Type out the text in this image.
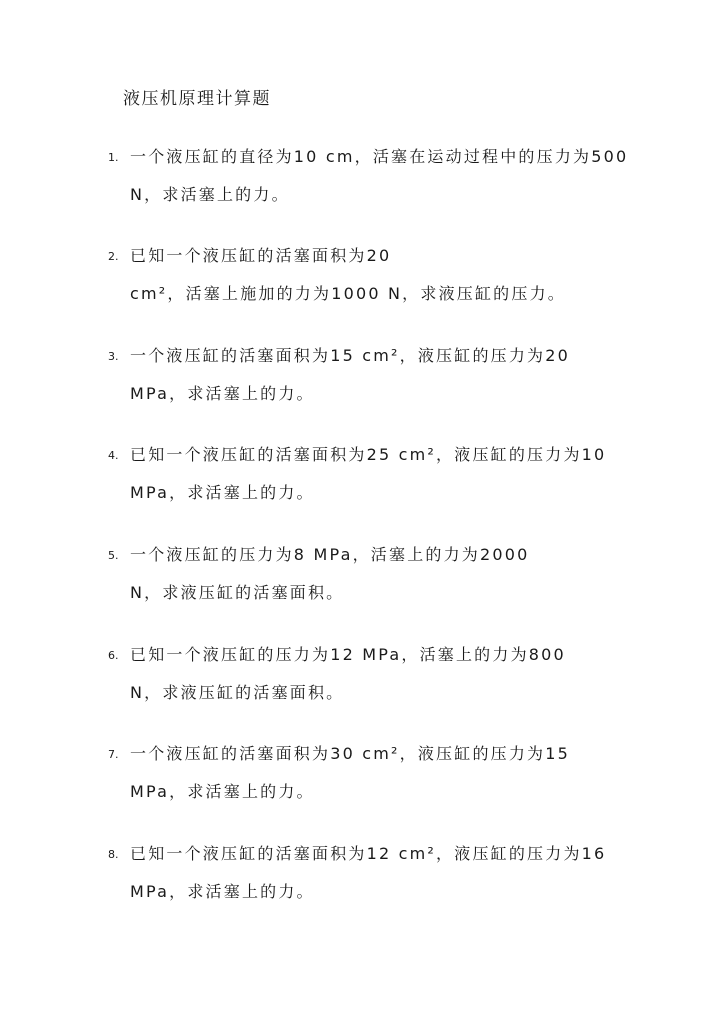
液压机原理计算题
1. 一个液压缸的直径为10 cm，活塞在运动过程中的压力为500
N，求活塞上的力。
2. 已知一个液压缸的活塞面积为20
cm²，活塞上施加的力为1000 N，求液压缸的压力。
3. 一个液压缸的活塞面积为15 cm²，液压缸的压力为20
MPa，求活塞上的力。
4. 已知一个液压缸的活塞面积为25 cm²，液压缸的压力为10
MPa，求活塞上的力。
5. 一个液压缸的压力为8 MPa，活塞上的力为2000
N，求液压缸的活塞面积。
6. 已知一个液压缸的压力为12 MPa，活塞上的力为800
N，求液压缸的活塞面积。
7. 一个液压缸的活塞面积为30 cm²，液压缸的压力为15
MPa，求活塞上的力。
8. 已知一个液压缸的活塞面积为12 cm²，液压缸的压力为16
MPa，求活塞上的力。
